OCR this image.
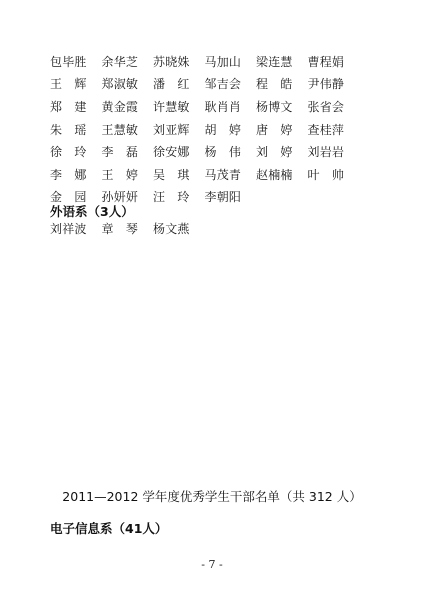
包毕胜	余华芝	苏晓姝	马加山	梁连慧	曹程娟
王　辉	郑淑敏	潘　红	邹吉会	程　皓	尹伟静
郑　建	黄金霞	许慧敏	耿肖肖	杨博文	张省会
朱　瑶	王慧敏	刘亚辉	胡　婷	唐　婷	查桂萍
徐　玲	李　磊	徐安娜	杨　伟	刘　婷	刘岩岩
李　娜	王　婷	吴　琪	马茂青	赵楠楠	叶　帅
金　园	孙妍妍	汪　玲	李朝阳
外语系（3人）
刘祥波	章　琴	杨文燕
2011—2012 学年度优秀学生干部名单（共 312 人）
电子信息系（41人）
- 7 -
